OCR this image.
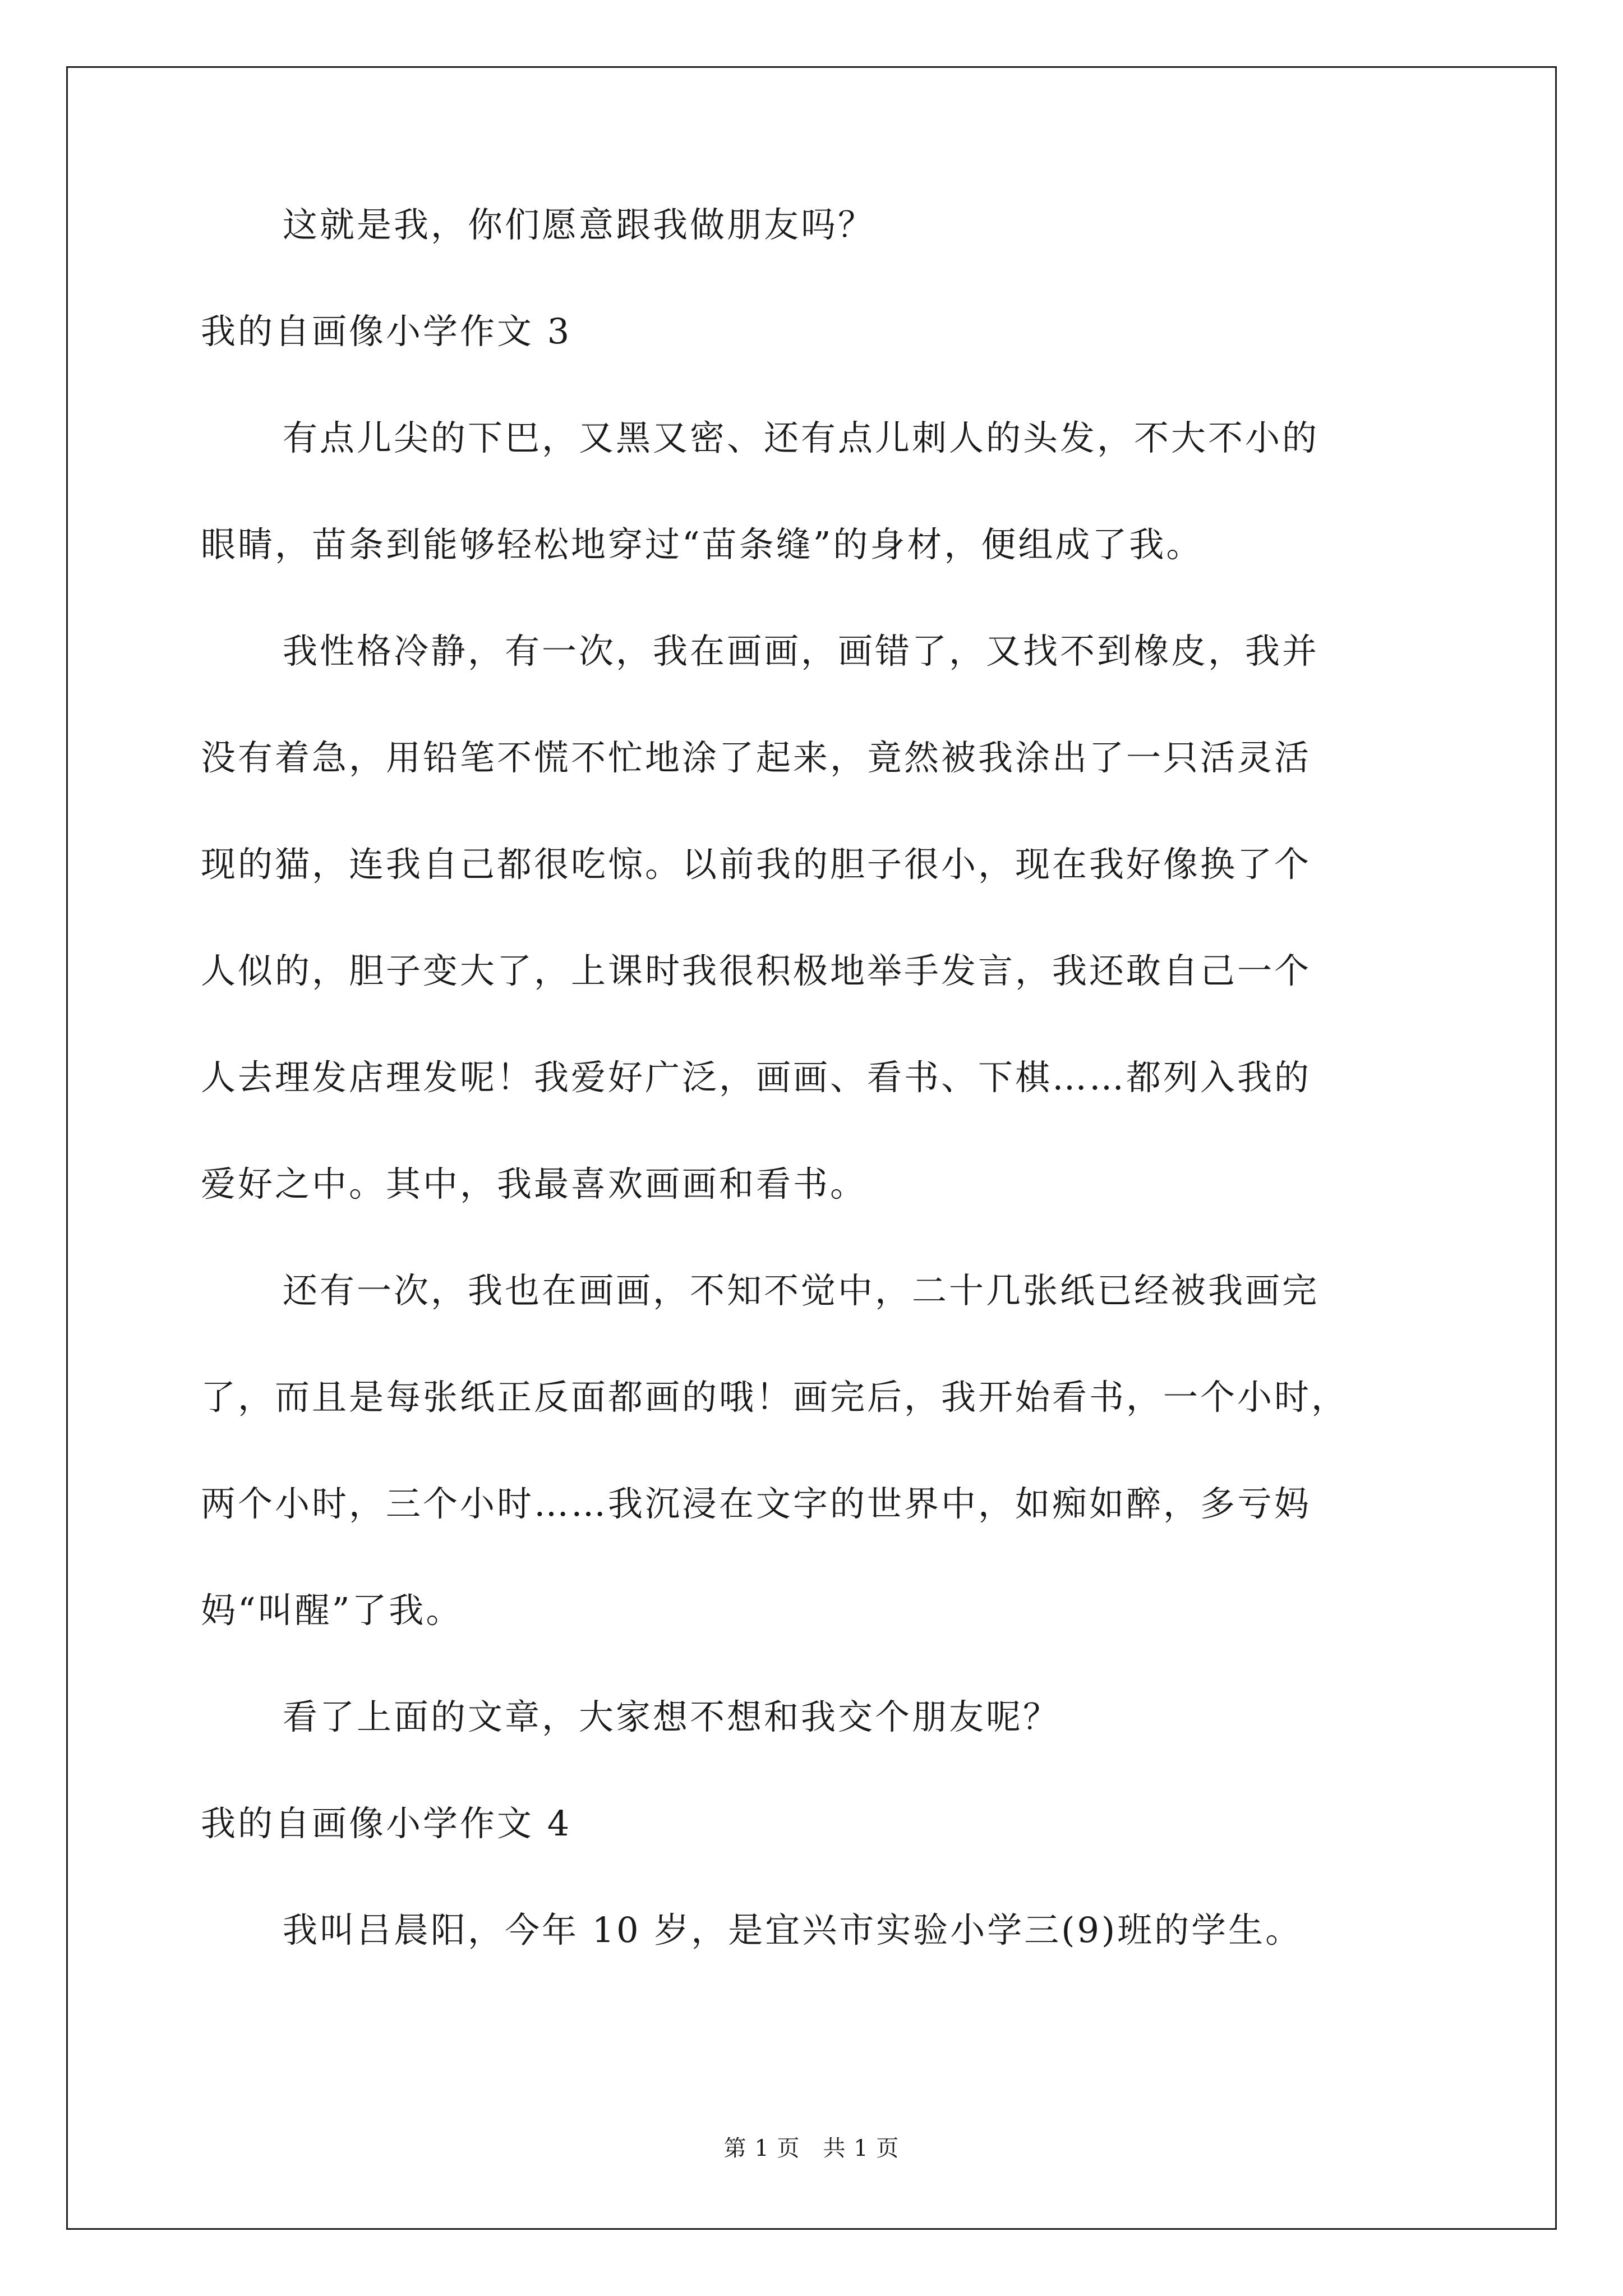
这就是我，你们愿意跟我做朋友吗？
我的自画像小学作文 3
有点儿尖的下巴，又黑又密、还有点儿刺人的头发，不大不小的
眼睛，苗条到能够轻松地穿过“苗条缝”的身材，便组成了我。
我性格冷静，有一次，我在画画，画错了，又找不到橡皮，我并
没有着急，用铅笔不慌不忙地涂了起来，竟然被我涂出了一只活灵活
现的猫，连我自己都很吃惊。以前我的胆子很小，现在我好像换了个
人似的，胆子变大了，上课时我很积极地举手发言，我还敢自己一个
人去理发店理发呢！我爱好广泛，画画、看书、下棋……都列入我的
爱好之中。其中，我最喜欢画画和看书。
还有一次，我也在画画，不知不觉中，二十几张纸已经被我画完
了，而且是每张纸正反面都画的哦！画完后，我开始看书，一个小时，
两个小时，三个小时……我沉浸在文字的世界中，如痴如醉，多亏妈
妈“叫醒”了我。
看了上面的文章，大家想不想和我交个朋友呢？
我的自画像小学作文 4
我叫吕晨阳，今年 10 岁，是宜兴市实验小学三(9)班的学生。
第 1 页　共 1 页
